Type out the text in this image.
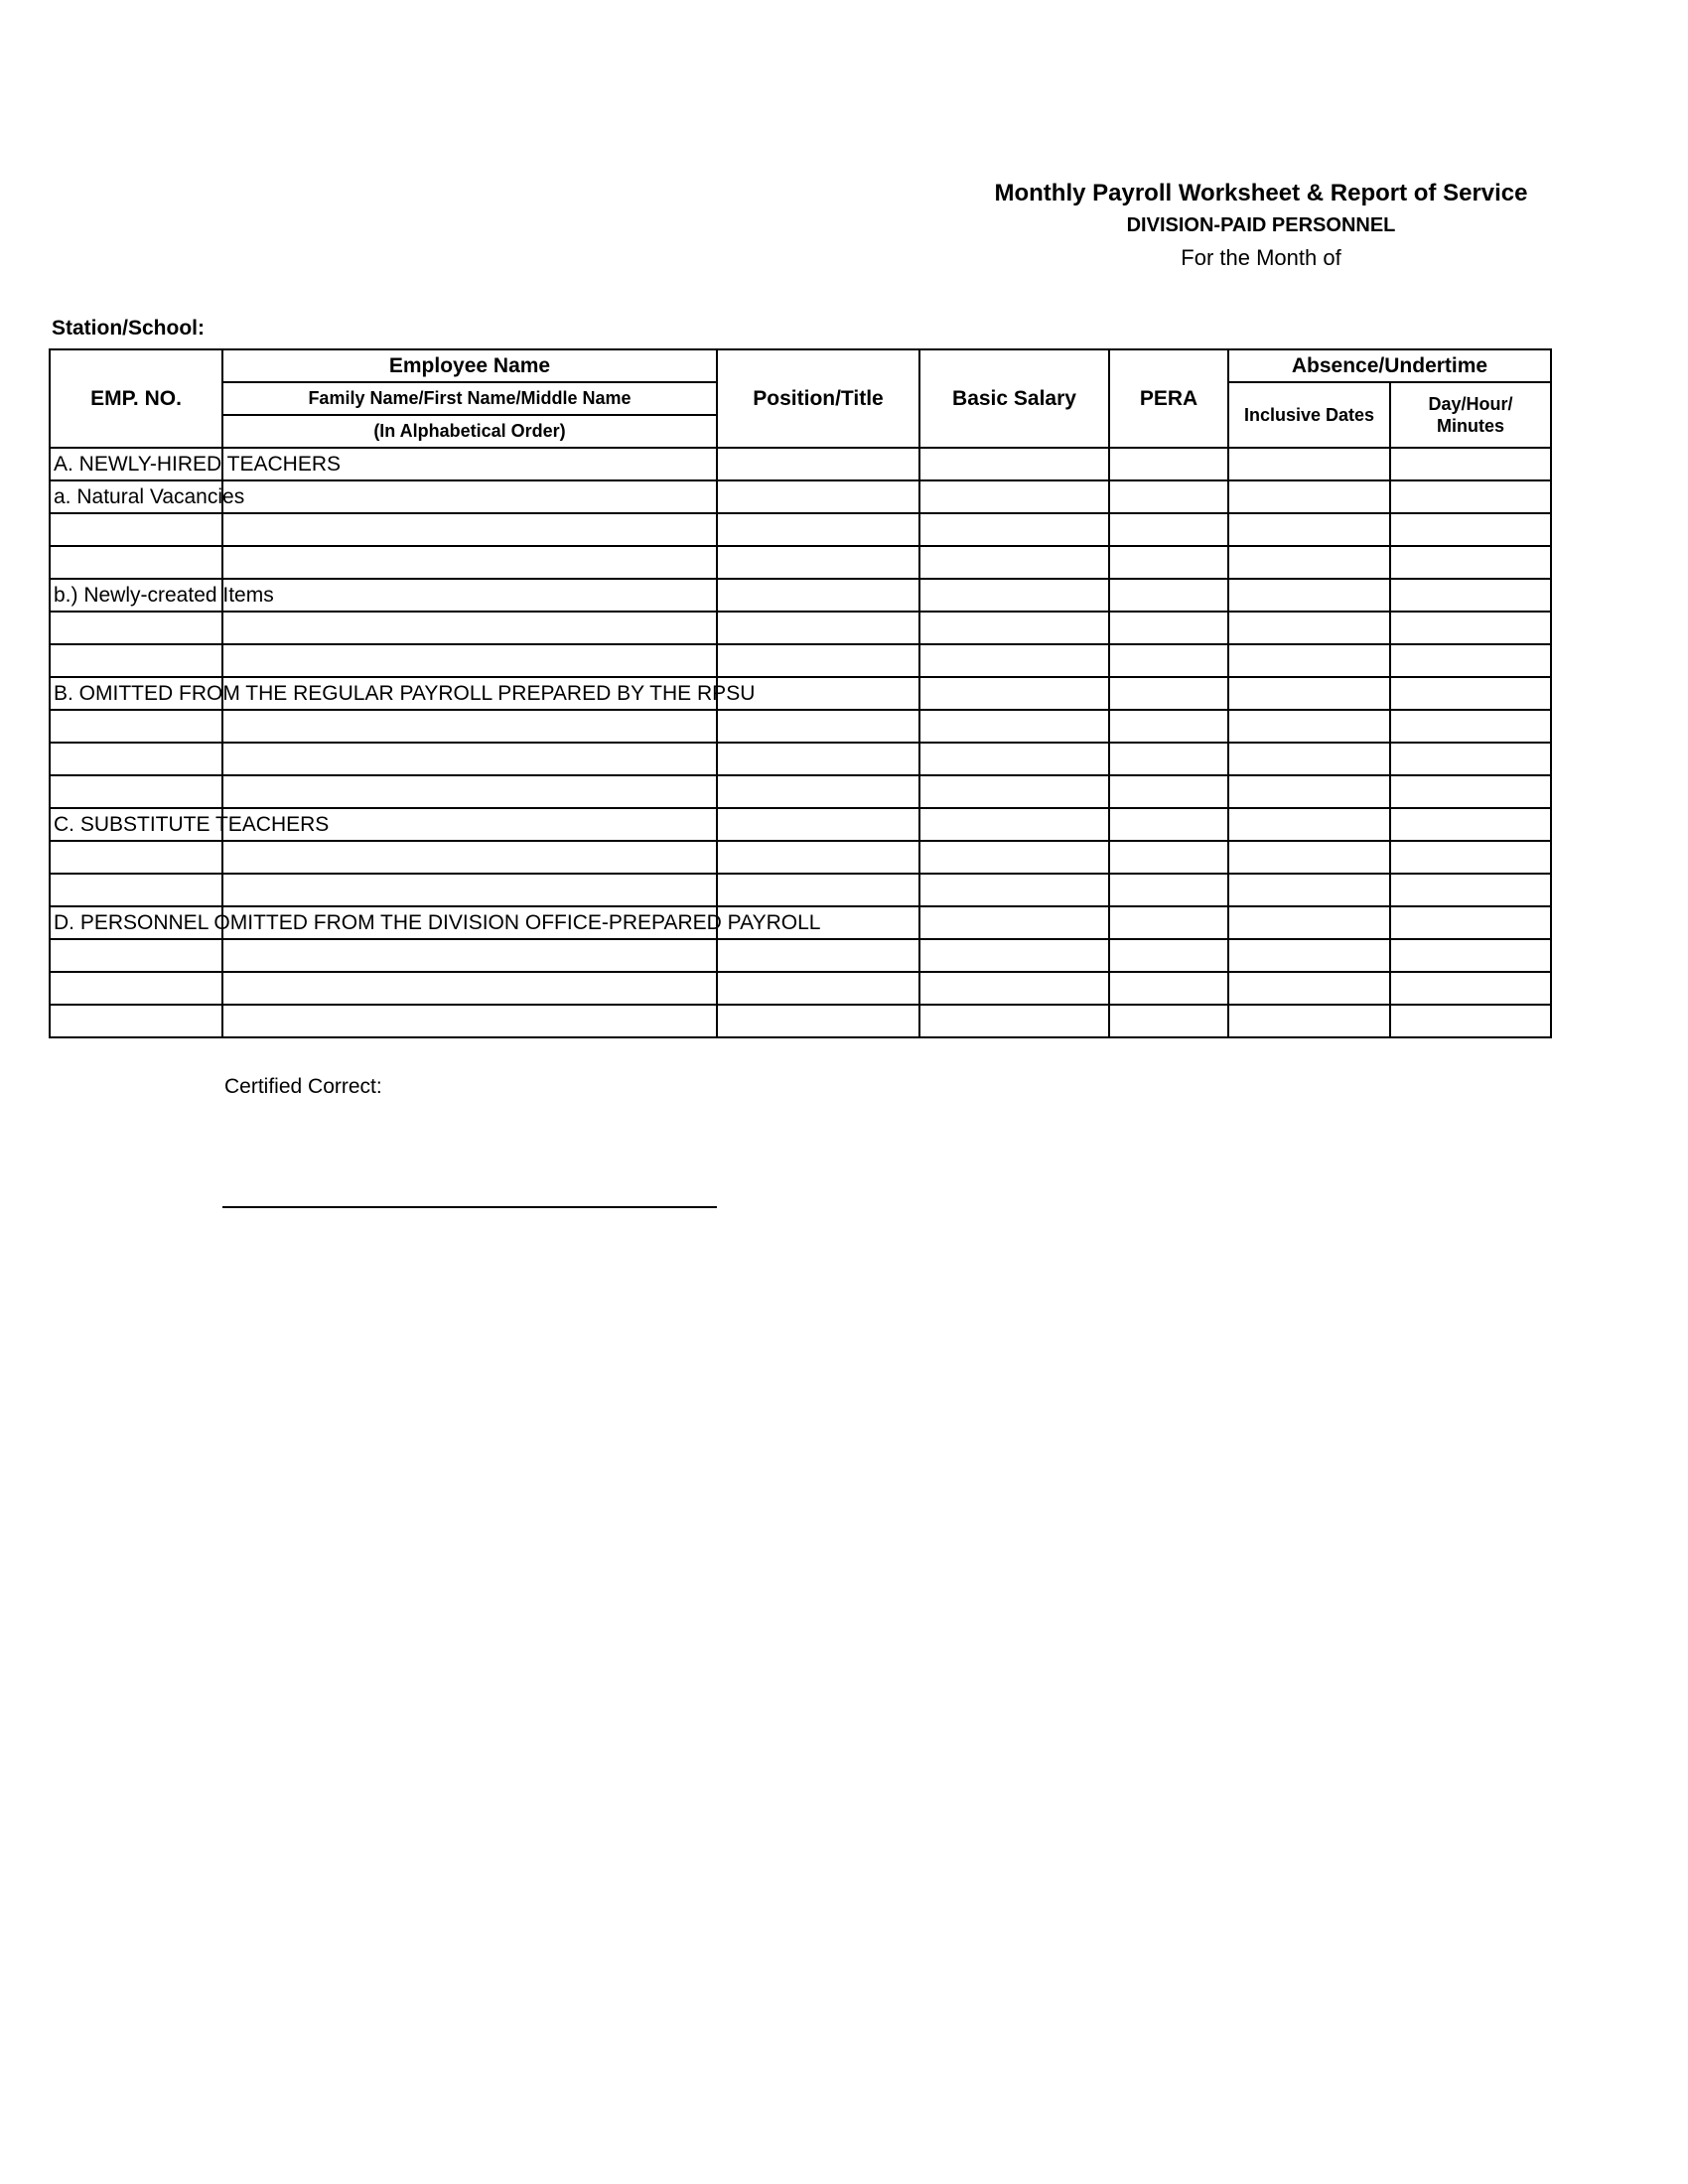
Monthly Payroll Worksheet & Report of Service
DIVISION-PAID PERSONNEL
For the Month of
Station/School:
EMP. NO.	Employee Name	Position/Title	Basic Salary	PERA	Absence/Undertime	
	Family Name/First Name/Middle Name				Inclusive Dates	Day/Hour/ Minutes
	(In Alphabetical Order)					

A. NEWLY-HIRED TEACHERS						

a. Natural Vacancies						

b.) Newly-created Items						

B. OMITTED FROM THE REGULAR PAYROLL PREPARED BY THE RPSU						

C. SUBSTITUTE TEACHERS						

D. PERSONNEL OMITTED FROM THE DIVISION OFFICE-PREPARED PAYROLL						

Certified Correct:
